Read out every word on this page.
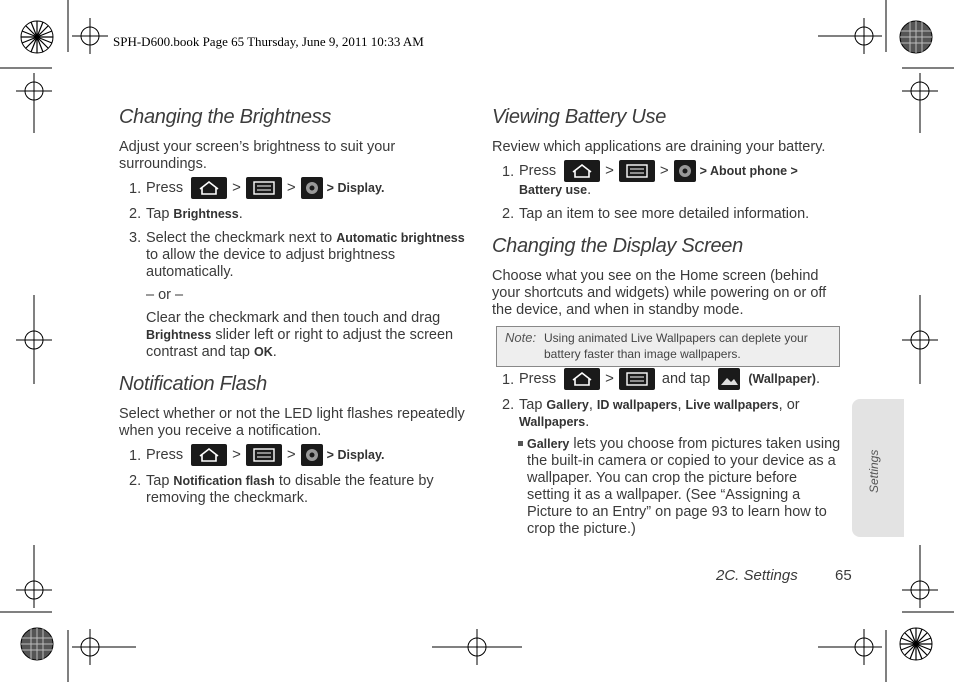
SPH-D600.book Page 65 Thursday, June 9, 2011 10:33 AM
Changing the Brightness
Adjust your screen’s brightness to suit your surroundings.
1. Press	>	> > Display.
2. Tap Brightness.
3. Select the checkmark next to Automatic brightness to allow the device to adjust brightness automatically.
– or –
Clear the checkmark and then touch and drag Brightness slider left or right to adjust the screen contrast and tap OK.
Notification Flash
Select whether or not the LED light flashes repeatedly when you receive a notification.
1. Press	>	> > Display.
2. Tap Notification flash to disable the feature by removing the checkmark.
Viewing Battery Use
Review which applications are draining your battery.
1. Press	>	> > About phone >
Battery use.
2. Tap an item to see more detailed information.
Changing the Display Screen
Choose what you see on the Home screen (behind your shortcuts and widgets) while powering on or off the device, and when in standby mode.
Note: Using animated Live Wallpapers can deplete your battery faster than image wallpapers.
1. Press	>	and tap	(Wallpaper).
2. Tap Gallery, ID wallpapers, Live wallpapers, or Wallpapers.
Gallery lets you choose from pictures taken using the built-in camera or copied to your device as a wallpaper. You can crop the picture before setting it as a wallpaper. (See “Assigning a Picture to an Entry” on page 93 to learn how to crop the picture.)
Settings
2C. Settings 65
